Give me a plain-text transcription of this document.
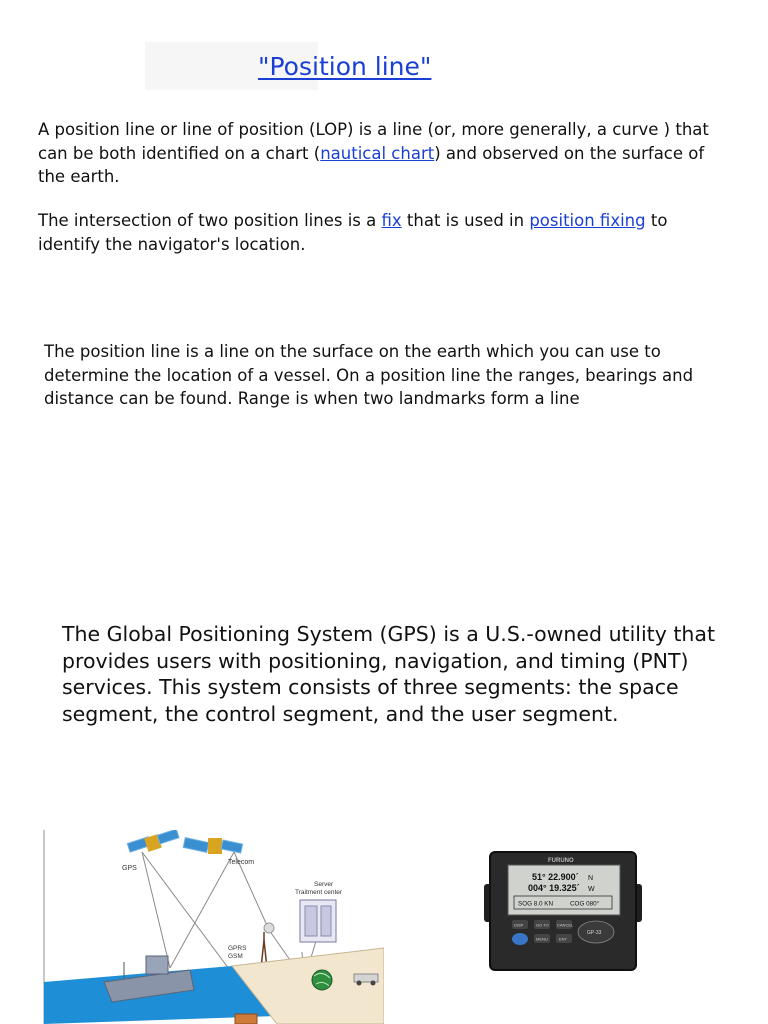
"Position line"

A position line or line of position (LOP) is a line (or, more generally, a curve ) that can be both identified on a chart (nautical chart) and observed on the surface of the earth.

The intersection of two position lines is a fix that is used in position fixing to identify the navigator's location.

The position line is a line on the surface on the earth which you can use to determine the location of a vessel. On a position line the ranges, bearings and distance can be found. Range is when two landmarks form a line

The Global Positioning System (GPS) is a U.S.-owned utility that provides users with positioning, navigation, and timing (PNT) services. This system consists of three segments: the space segment, the control segment, and the user segment.

GPS
Telecom
Server
Traitment center
GPRS
GSM
FURUNO
51° 22.900´ N
004° 19.325´ W
SOG 8.0 KN	COG 080°
DISP	GO TO CANCEL
MENU	ENT
GP-33
